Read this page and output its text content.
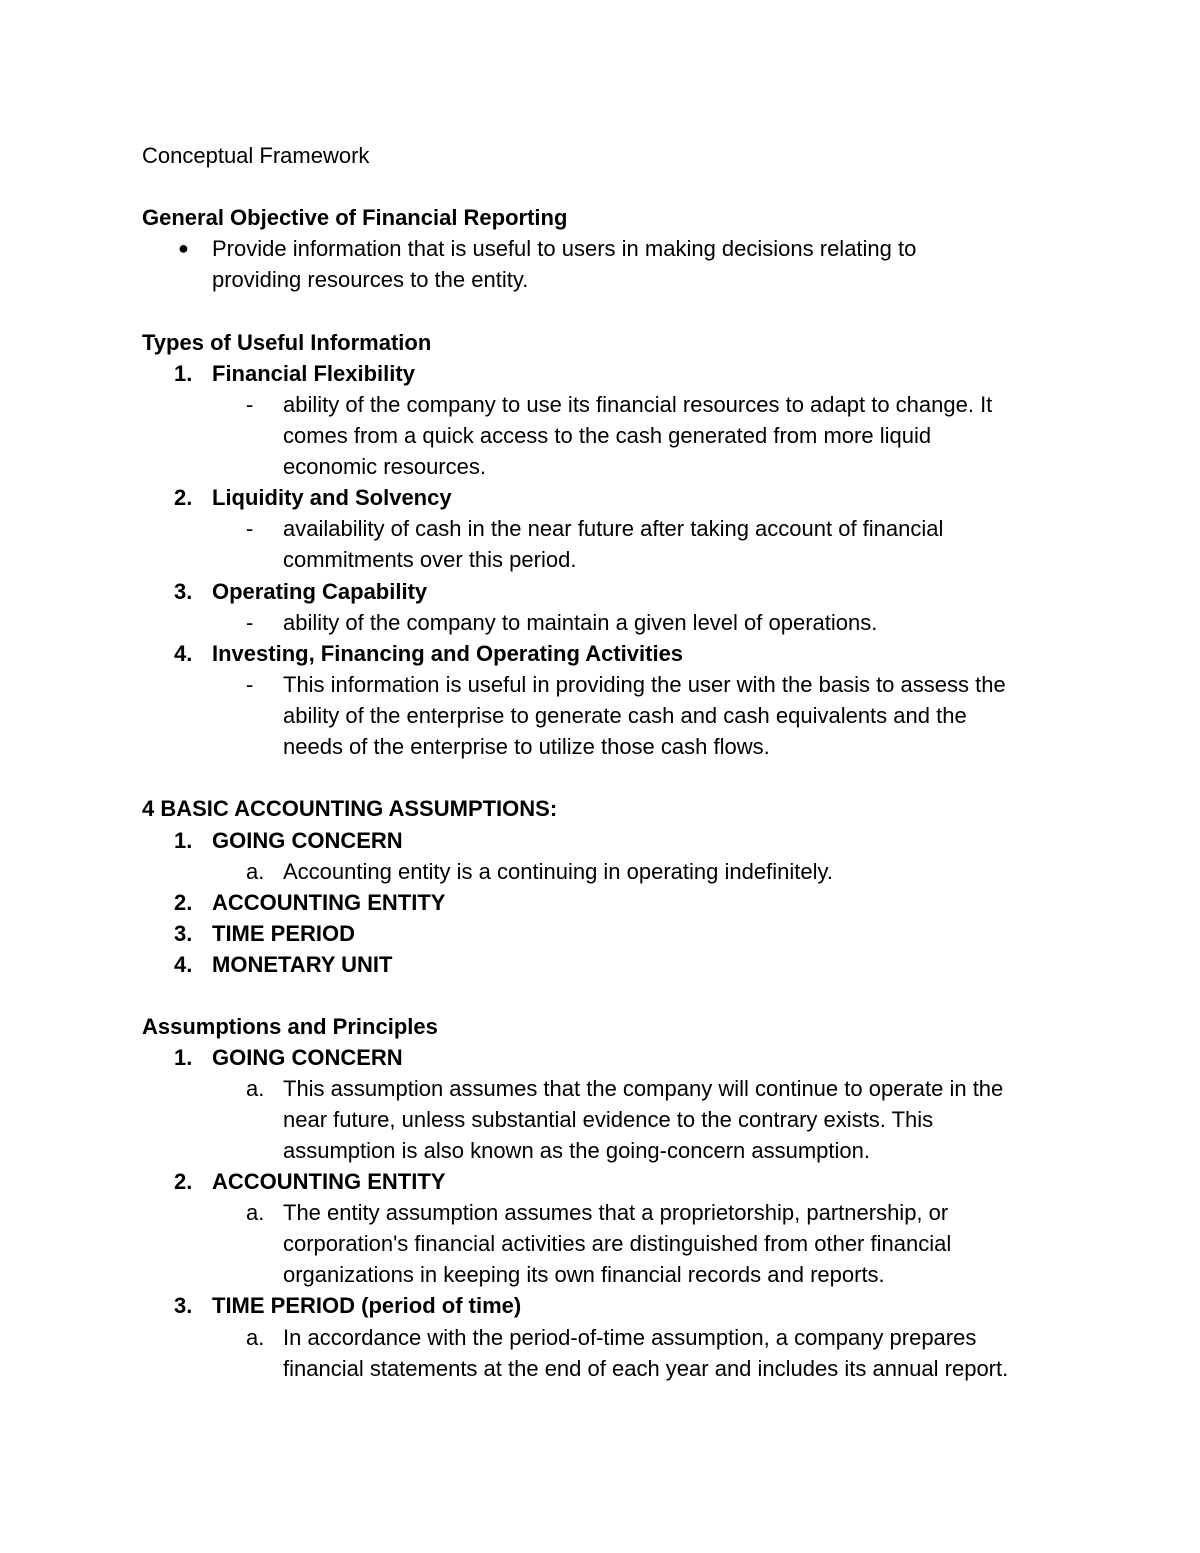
Conceptual Framework

General Objective of Financial Reporting

● Provide information that is useful to users in making decisions relating to

providing resources to the entity.

Types of Useful Information

1. Financial Flexibility

-	ability of the company to use its financial resources to adapt to change. It

comes from a quick access to the cash generated from more liquid

economic resources.

2. Liquidity and Solvency

-	availability of cash in the near future after taking account of financial

commitments over this period.

3. Operating Capability

-	ability of the company to maintain a given level of operations.

4. Investing, Financing and Operating Activities

-	This information is useful in providing the user with the basis to assess the

ability of the enterprise to generate cash and cash equivalents and the

needs of the enterprise to utilize those cash flows.

4 BASIC ACCOUNTING ASSUMPTIONS:

1. GOING CONCERN

a. Accounting entity is a continuing in operating indefinitely.

2. ACCOUNTING ENTITY

3. TIME PERIOD

4. MONETARY UNIT

Assumptions and Principles

1. GOING CONCERN

a. This assumption assumes that the company will continue to operate in the

near future, unless substantial evidence to the contrary exists. This

assumption is also known as the going-concern assumption.

2. ACCOUNTING ENTITY

a. The entity assumption assumes that a proprietorship, partnership, or

corporation's financial activities are distinguished from other financial

organizations in keeping its own financial records and reports.

3. TIME PERIOD (period of time)

a. In accordance with the period-of-time assumption, a company prepares

financial statements at the end of each year and includes its annual report.
